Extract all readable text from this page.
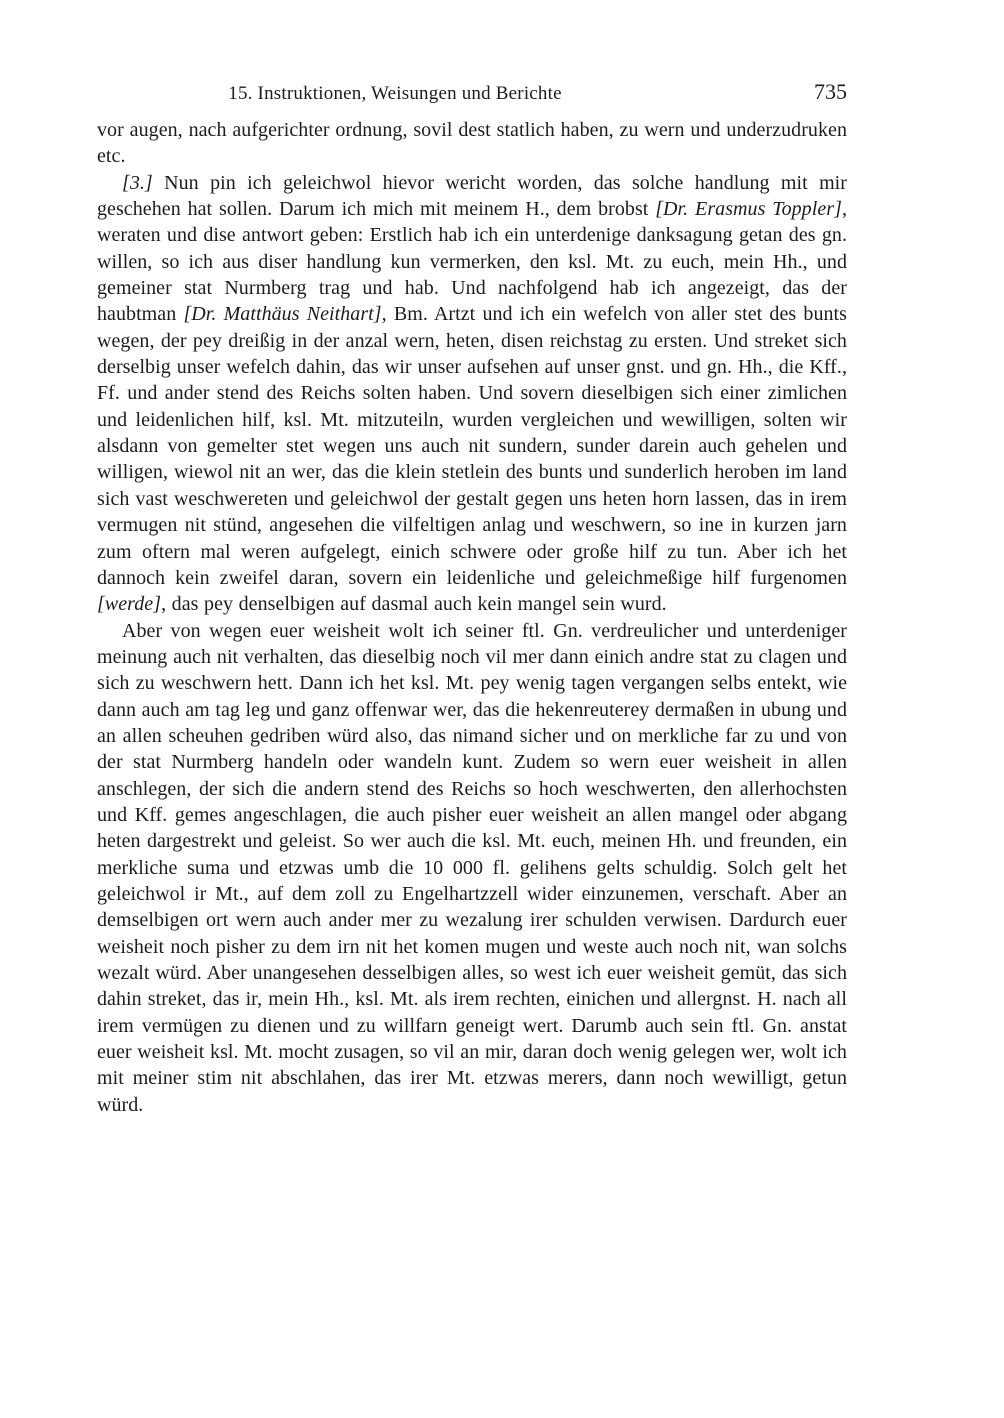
15. Instruktionen, Weisungen und Berichte	735

vor augen, nach aufgerichter ordnung, sovil dest statlich haben, zu wern und underzudruken etc.

[3.] Nun pin ich geleichwol hievor wericht worden, das solche handlung mit mir geschehen hat sollen. Darum ich mich mit meinem H., dem brobst [Dr. Erasmus Toppler], weraten und dise antwort geben: Erstlich hab ich ein unterdenige danksagung getan des gn. willen, so ich aus diser handlung kun vermerken, den ksl. Mt. zu euch, mein Hh., und gemeiner stat Nurmberg trag und hab. Und nachfolgend hab ich angezeigt, das der haubtman [Dr. Matthäus Neithart], Bm. Artzt und ich ein wefelch von aller stet des bunts wegen, der pey dreißig in der anzal wern, heten, disen reichstag zu ersten. Und streket sich derselbig unser wefelch dahin, das wir unser aufsehen auf unser gnst. und gn. Hh., die Kff., Ff. und ander stend des Reichs solten haben. Und sovern dieselbigen sich einer zimlichen und leidenlichen hilf, ksl. Mt. mitzuteiln, wurden vergleichen und wewilligen, solten wir alsdann von gemelter stet wegen uns auch nit sundern, sunder darein auch gehelen und willigen, wiewol nit an wer, das die klein stetlein des bunts und sunderlich heroben im land sich vast weschwereten und geleichwol der gestalt gegen uns heten horn lassen, das in irem vermugen nit stünd, angesehen die vilfeltigen anlag und weschwern, so ine in kurzen jarn zum oftern mal weren aufgelegt, einich schwere oder große hilf zu tun. Aber ich het dannoch kein zweifel daran, sovern ein leidenliche und geleichmeßige hilf furgenomen [werde], das pey denselbigen auf dasmal auch kein mangel sein wurd.

Aber von wegen euer weisheit wolt ich seiner ftl. Gn. verdreulicher und unterdeniger meinung auch nit verhalten, das dieselbig noch vil mer dann einich andre stat zu clagen und sich zu weschwern hett. Dann ich het ksl. Mt. pey wenig tagen vergangen selbs entekt, wie dann auch am tag leg und ganz offenwar wer, das die hekenreuterey dermaßen in ubung und an allen scheuhen gedriben würd also, das nimand sicher und on merkliche far zu und von der stat Nurmberg handeln oder wandeln kunt. Zudem so wern euer weisheit in allen anschlegen, der sich die andern stend des Reichs so hoch weschwerten, den allerhochsten und Kff. gemes angeschlagen, die auch pisher euer weisheit an allen mangel oder abgang heten dargestrekt und geleist. So wer auch die ksl. Mt. euch, meinen Hh. und freunden, ein merkliche suma und etzwas umb die 10 000 fl. gelihens gelts schuldig. Solch gelt het geleichwol ir Mt., auf dem zoll zu Engelhartzzell wider einzunemen, verschaft. Aber an demselbigen ort wern auch ander mer zu wezalung irer schulden verwisen. Dardurch euer weisheit noch pisher zu dem irn nit het komen mugen und weste auch noch nit, wan solchs wezalt würd. Aber unangesehen desselbigen alles, so west ich euer weisheit gemüt, das sich dahin streket, das ir, mein Hh., ksl. Mt. als irem rechten, einichen und allergnst. H. nach all irem vermügen zu dienen und zu willfarn geneigt wert. Darumb auch sein ftl. Gn. anstat euer weisheit ksl. Mt. mocht zusagen, so vil an mir, daran doch wenig gelegen wer, wolt ich mit meiner stim nit abschlahen, das irer Mt. etzwas merers, dann noch wewilligt, getun würd.
